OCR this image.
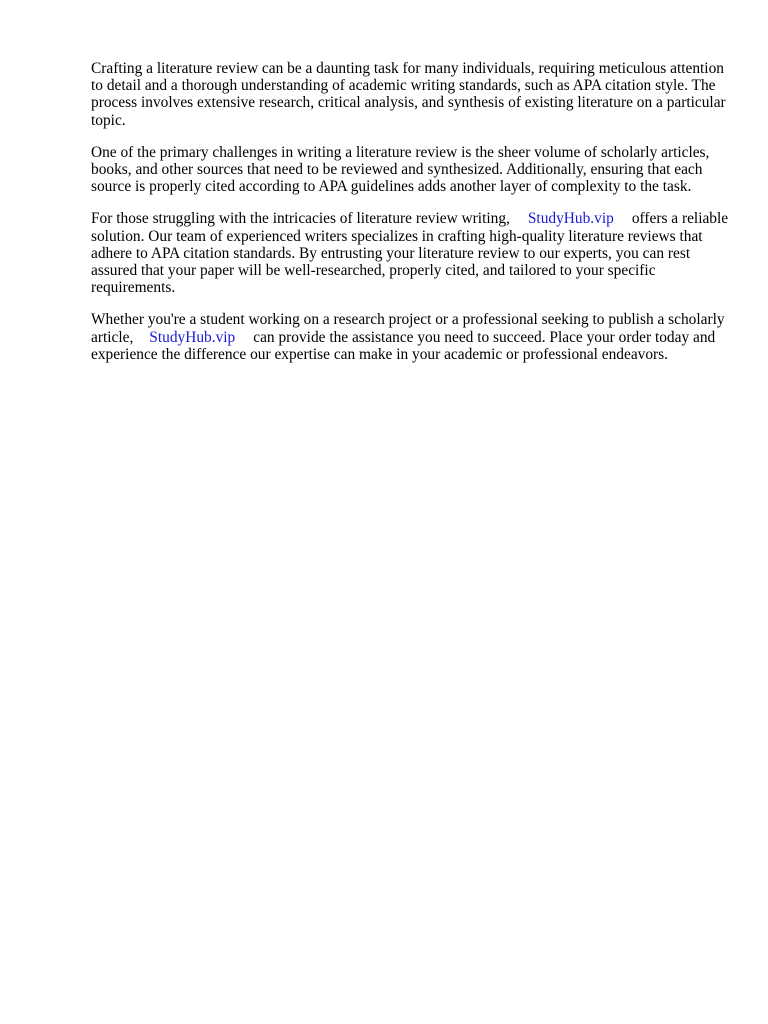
Crafting a literature review can be a daunting task for many individuals, requiring meticulous attention to detail and a thorough understanding of academic writing standards, such as APA citation style. The process involves extensive research, critical analysis, and synthesis of existing literature on a particular topic.

One of the primary challenges in writing a literature review is the sheer volume of scholarly articles, books, and other sources that need to be reviewed and synthesized. Additionally, ensuring that each source is properly cited according to APA guidelines adds another layer of complexity to the task.

For those struggling with the intricacies of literature review writing, StudyHub.vip offers a reliable solution. Our team of experienced writers specializes in crafting high-quality literature reviews that adhere to APA citation standards. By entrusting your literature review to our experts, you can rest assured that your paper will be well-researched, properly cited, and tailored to your specific requirements.

Whether you're a student working on a research project or a professional seeking to publish a scholarly article, StudyHub.vip can provide the assistance you need to succeed. Place your order today and experience the difference our expertise can make in your academic or professional endeavors.
